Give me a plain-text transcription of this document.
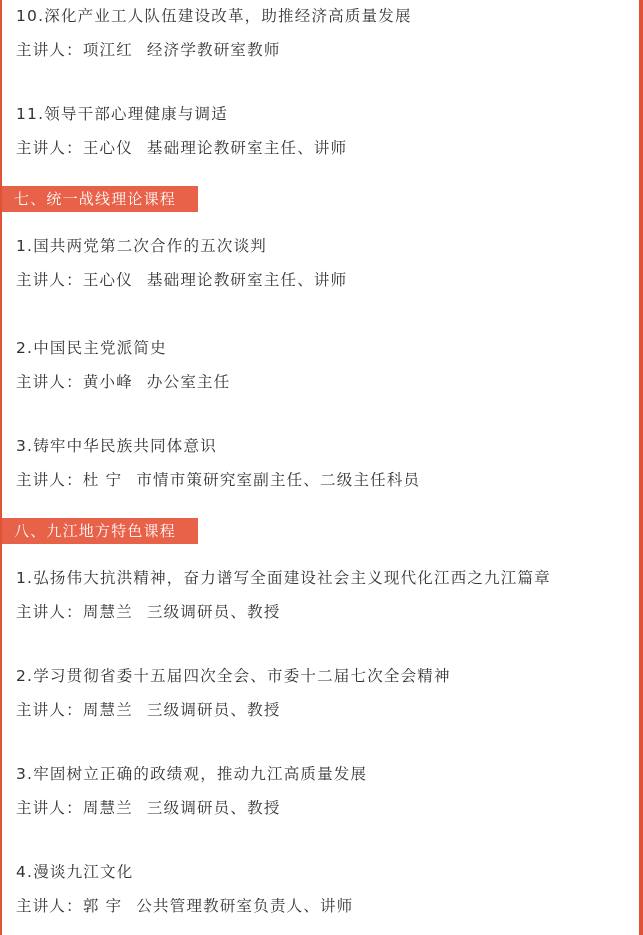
10.深化产业工人队伍建设改革，助推经济高质量发展
主讲人：项江红 经济学教研室教师
11.领导干部心理健康与调适
主讲人：王心仪 基础理论教研室主任、讲师
七、统一战线理论课程
1.国共两党第二次合作的五次谈判
主讲人：王心仪 基础理论教研室主任、讲师
2.中国民主党派简史
主讲人：黄小峰 办公室主任
3.铸牢中华民族共同体意识
主讲人：杜 宁 市情市策研究室副主任、二级主任科员
八、九江地方特色课程
1.弘扬伟大抗洪精神，奋力谱写全面建设社会主义现代化江西之九江篇章
主讲人：周慧兰 三级调研员、教授
2.学习贯彻省委十五届四次全会、市委十二届七次全会精神
主讲人：周慧兰 三级调研员、教授
3.牢固树立正确的政绩观，推动九江高质量发展
主讲人：周慧兰 三级调研员、教授
4.漫谈九江文化
主讲人：郭 宇 公共管理教研室负责人、讲师
